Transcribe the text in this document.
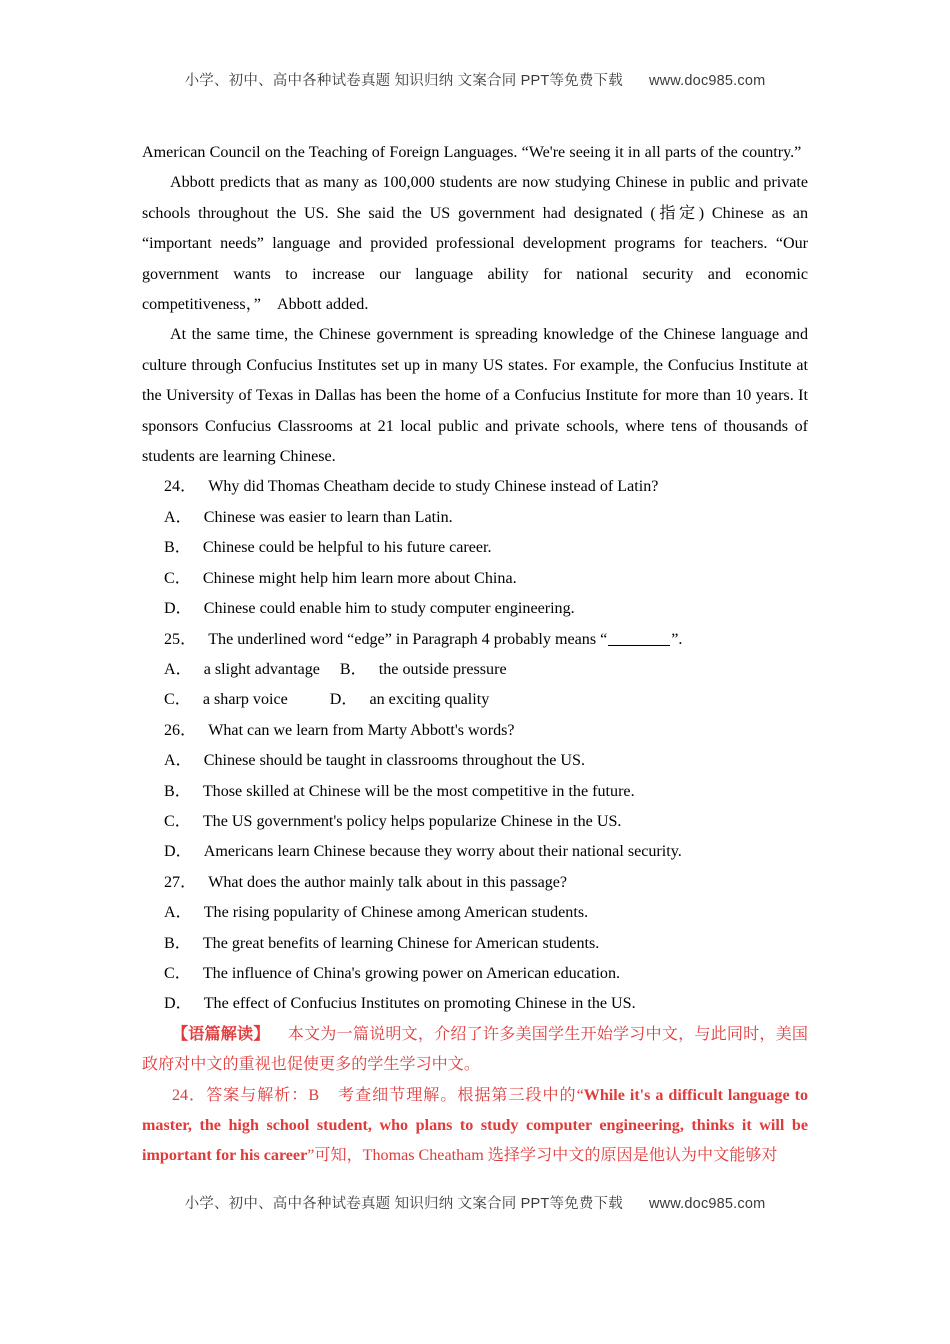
小学、初中、高中各种试卷真题 知识归纳 文案合同 PPT等免费下载 www.doc985.com

American Council on the Teaching of Foreign Languages. “We're seeing it in all parts of the country.”

Abbott predicts that as many as 100,000 students are now studying Chinese in public and private schools throughout the US. She said the US government had designated (指定) Chinese as an “important needs” language and provided professional development programs for teachers. “Our government wants to increase our language ability for national security and economic competitiveness，”　Abbott added.

At the same time, the Chinese government is spreading knowledge of the Chinese language and culture through Confucius Institutes set up in many US states. For example, the Confucius Institute at the University of Texas in Dallas has been the home of a Confucius Institute for more than 10 years. It sponsors Confucius Classrooms at 21 local public and private schools, where tens of thousands of students are learning Chinese.

24． Why did Thomas Cheatham decide to study Chinese instead of Latin?

A． Chinese was easier to learn than Latin.

B． Chinese could be helpful to his future career.

C． Chinese might help him learn more about China.

D． Chinese could enable him to study computer engineering.

25． The underlined word “edge” in Paragraph 4 probably means “	”.

A． a slight advantage B． the outside pressure

C． a sharp voice	D． an exciting quality

26． What can we learn from Marty Abbott's words?

A． Chinese should be taught in classrooms throughout the US.

B． Those skilled at Chinese will be the most competitive in the future.

C． The US government's policy helps popularize Chinese in the US.

D． Americans learn Chinese because they worry about their national security.

27． What does the author mainly talk about in this passage?

A． The rising popularity of Chinese among American students.

B． The great benefits of learning Chinese for American students.

C． The influence of China's growing power on American education.

D． The effect of Confucius Institutes on promoting Chinese in the US.

【语篇解读】 本文为一篇说明文，介绍了许多美国学生开始学习中文，与此同时，美国政府对中文的重视也促使更多的学生学习中文。

24．答案与解析：B 考查细节理解。根据第三段中的“While it's a difficult language to master, the high school student, who plans to study computer engineering, thinks it will be important for his career”可知，Thomas Cheatham 选择学习中文的原因是他认为中文能够对

小学、初中、高中各种试卷真题 知识归纳 文案合同 PPT等免费下载 www.doc985.com
